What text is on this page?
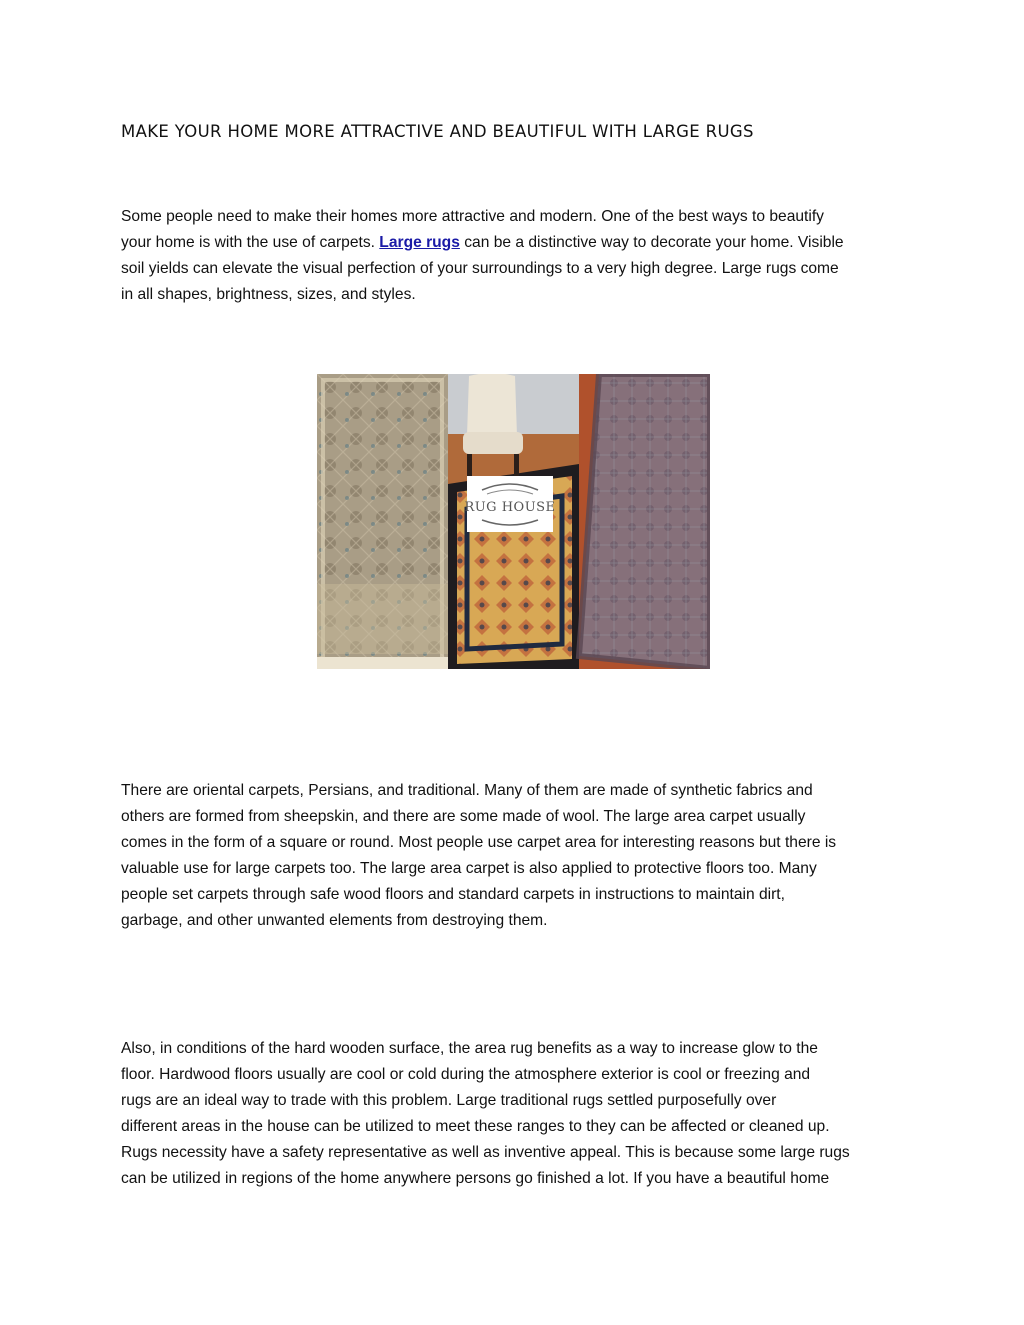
MAKE YOUR HOME MORE ATTRACTIVE AND BEAUTIFUL WITH LARGE RUGS

Some people need to make their homes more attractive and modern. One of the best ways to beautify
your home is with the use of carpets. Large rugs can be a distinctive way to decorate your home. Visible
soil yields can elevate the visual perfection of your surroundings to a very high degree. Large rugs come
in all shapes, brightness, sizes, and styles.

RUG HOUSE

There are oriental carpets, Persians, and traditional. Many of them are made of synthetic fabrics and
others are formed from sheepskin, and there are some made of wool. The large area carpet usually
comes in the form of a square or round. Most people use carpet area for interesting reasons but there is
valuable use for large carpets too. The large area carpet is also applied to protective floors too. Many
people set carpets through safe wood floors and standard carpets in instructions to maintain dirt,
garbage, and other unwanted elements from destroying them.

Also, in conditions of the hard wooden surface, the area rug benefits as a way to increase glow to the
floor. Hardwood floors usually are cool or cold during the atmosphere exterior is cool or freezing and
rugs are an ideal way to trade with this problem. Large traditional rugs settled purposefully over
different areas in the house can be utilized to meet these ranges to they can be affected or cleaned up.
Rugs necessity have a safety representative as well as inventive appeal. This is because some large rugs
can be utilized in regions of the home anywhere persons go finished a lot. If you have a beautiful home
